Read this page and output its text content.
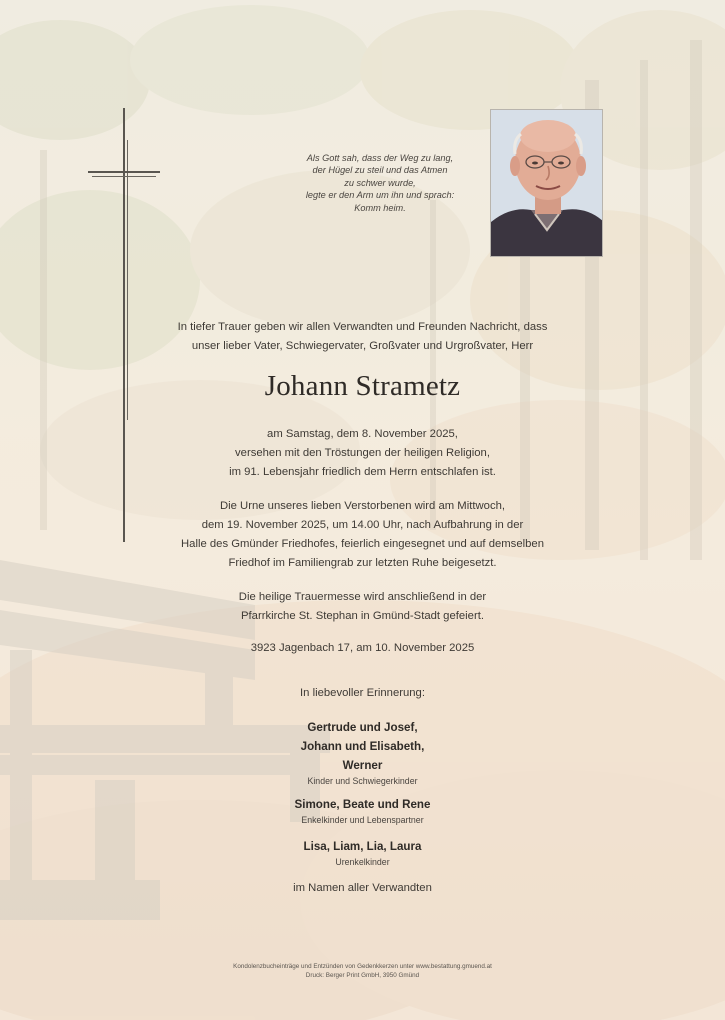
Als Gott sah, dass der Weg zu lang,
der Hügel zu steil und das Atmen
zu schwer wurde,
legte er den Arm um ihn und sprach:
Komm heim.
In tiefer Trauer geben wir allen Verwandten und Freunden Nachricht, dass
unser lieber Vater, Schwiegervater, Großvater und Urgroßvater, Herr
Johann Strametz
am Samstag, dem 8. November 2025,
versehen mit den Tröstungen der heiligen Religion,
im 91. Lebensjahr friedlich dem Herrn entschlafen ist.
Die Urne unseres lieben Verstorbenen wird am Mittwoch,
dem 19. November 2025, um 14.00 Uhr, nach Aufbahrung in der
Halle des Gmünder Friedhofes, feierlich eingesegnet und auf demselben
Friedhof im Familiengrab zur letzten Ruhe beigesetzt.
Die heilige Trauermesse wird anschließend in der
Pfarrkirche St. Stephan in Gmünd-Stadt gefeiert.
3923 Jagenbach 17, am 10. November 2025
In liebevoller Erinnerung:
Gertrude und Josef,
Johann und Elisabeth,
Werner
Kinder und Schwiegerkinder
Simone, Beate und Rene
Enkelkinder und Lebenspartner
Lisa, Liam, Lia, Laura
Urenkelkinder
im Namen aller Verwandten
Kondolenzbucheinträge und Entzünden von Gedenkkerzen unter www.bestattung.gmuend.at
Druck: Berger Print GmbH, 3950 Gmünd
